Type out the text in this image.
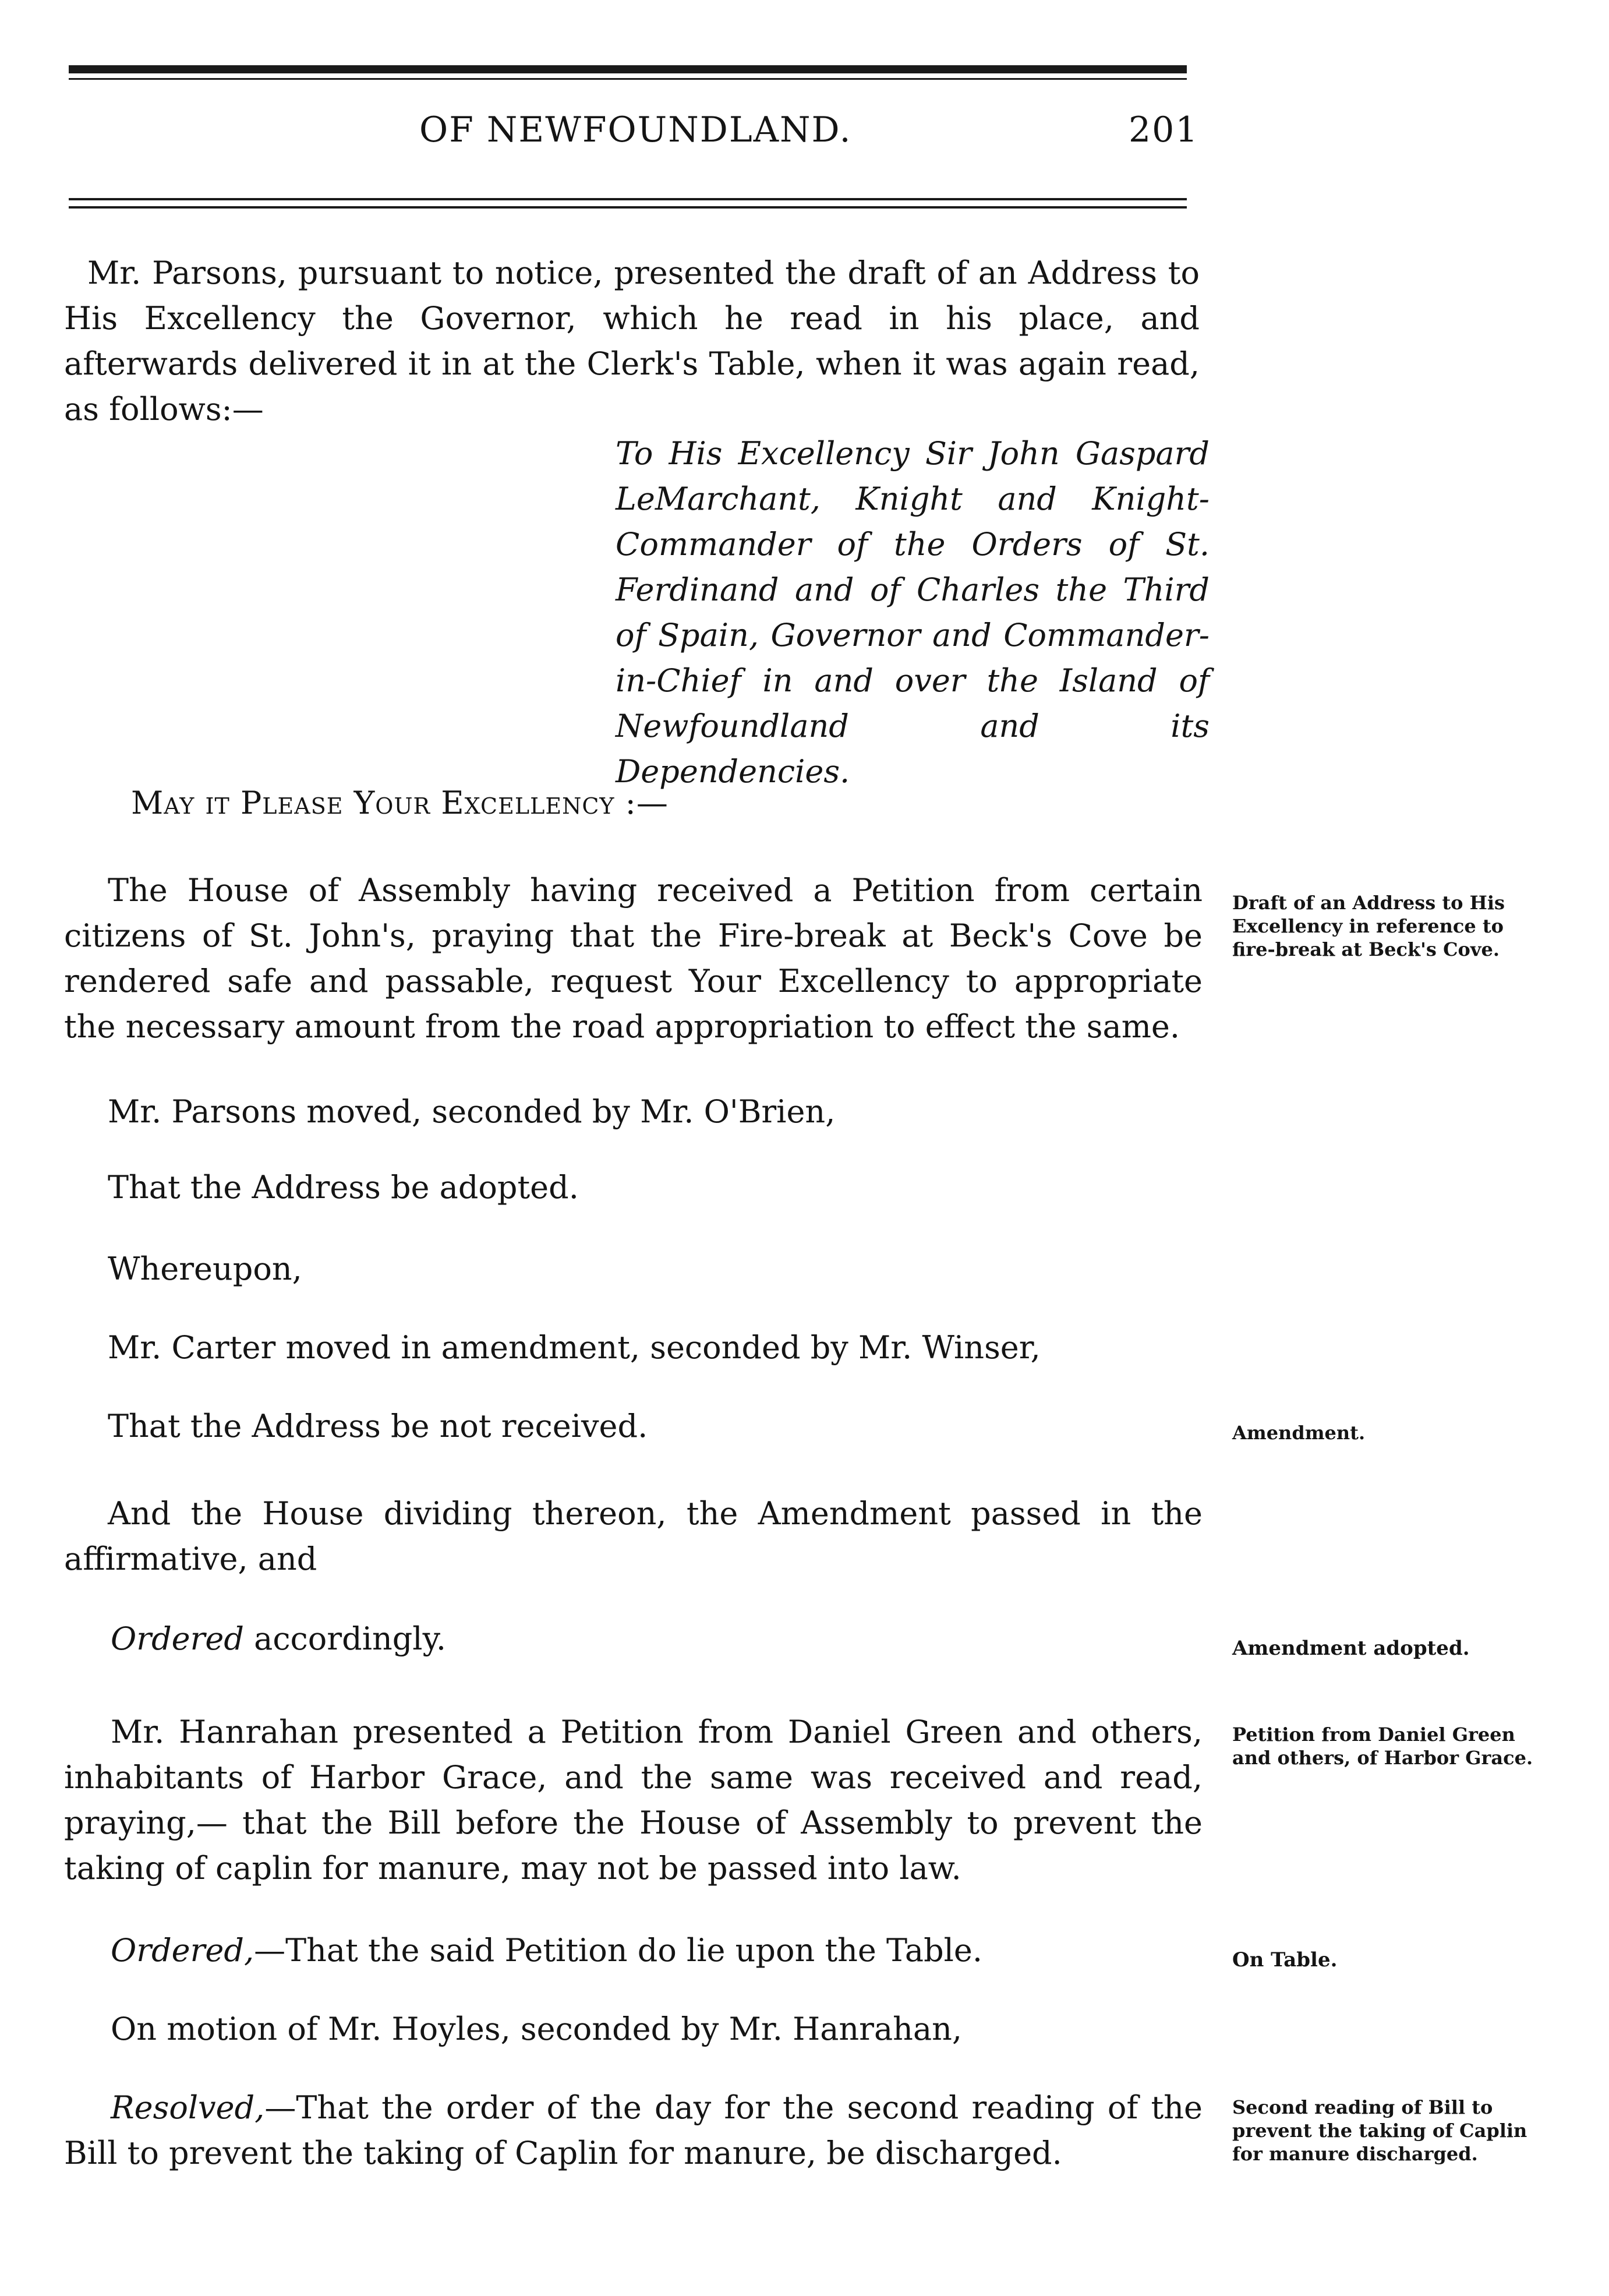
OF NEWFOUNDLAND.	201
Mr. Parsons, pursuant to notice, presented the draft of an Address to His Excellency the Governor, which he read in his place, and afterwards delivered it in at the Clerk's Table, when it was again read, as follows:—
To His Excellency Sir John Gaspard LeMarchant, Knight and Knight-Commander of the Orders of St. Ferdinand and of Charles the Third of Spain, Governor and Commander-in-Chief in and over the Island of Newfoundland and its Dependencies.
May it Please Your Excellency :—
The House of Assembly having received a Petition from certain citizens of St. John's, praying that the Fire-break at Beck's Cove be rendered safe and passable, request Your Excellency to appropriate the necessary amount from the road appropriation to effect the same.
Draft of an Address to His Excellency in reference to fire-break at Beck's Cove.
Mr. Parsons moved, seconded by Mr. O'Brien,
That the Address be adopted.
Whereupon,
Mr. Carter moved in amendment, seconded by Mr. Winser,
That the Address be not received.	Amendment.
And the House dividing thereon, the Amendment passed in the affirmative, and
Ordered accordingly.	Amendment adopted.
Mr. Hanrahan presented a Petition from Daniel Green and others, inhabitants of Harbor Grace, and the same was received and read, praying,— that the Bill before the House of Assembly to prevent the taking of caplin for manure, may not be passed into law.
Petition from Daniel Green and others, of Harbor Grace.
Ordered,—That the said Petition do lie upon the Table.	On Table.
On motion of Mr. Hoyles, seconded by Mr. Hanrahan,
Resolved,—That the order of the day for the second reading of the Bill to prevent the taking of Caplin for manure, be discharged.
Second reading of Bill to prevent the taking of Caplin for manure discharged.
